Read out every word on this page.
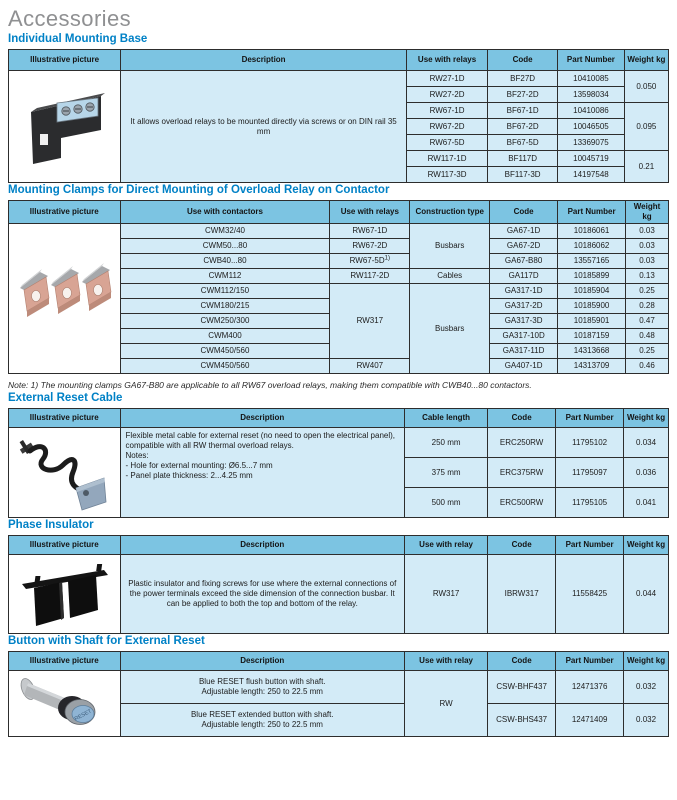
Accessories
Individual Mounting Base
Illustrative picture	Description	Use with relays	Code	Part Number	Weight kg

	It allows overload relays to be mounted directly via screws or on DIN rail 35 mm	RW27-1D	BF27D	10410085	0.050
		RW27-2D	BF27-2D	13598034	
		RW67-1D	BF67-1D	10410086	0.095
		RW67-2D	BF67-2D	10046505	
		RW67-5D	BF67-5D	13369075	
		RW117-1D	BF117D	10045719	0.21
		RW117-3D	BF117-3D	14197548	
Mounting Clamps for Direct Mounting of Overload Relay on Contactor
Illustrative picture	Use with contactors	Use with relays	Construction type	Code	Part Number	Weight kg

	CWM32/40	RW67-1D	Busbars	GA67-1D	10186061	0.03
	CWM50...80	RW67-2D		GA67-2D	10186062	0.03
	CWB40...80	$RW67-5D^{1)}$		GA67-B80	13557165	0.03
	CWM112	RW117-2D	Cables	GA117D	10185899	0.13
	CWM112/150	RW317	Busbars	GA317-1D	10185904	0.25
	CWM180/215			GA317-2D	10185900	0.28
	CWM250/300			GA317-3D	10185901	0.47
	CWM400			GA317-10D	10187159	0.48
	CWM450/560			GA317-11D	14313668	0.25
	CWM450/560	RW407		GA407-1D	14313709	0.46

Note: 1) The mounting clamps GA67-B80 are applicable to all RW67 overload relays, making them compatible with CWB40...80 contactors.

External Reset Cable
Illustrative picture	Description	Cable length	Code	Part Number	Weight kg

Flexible metal cable for external reset (no need to open the electrical panel), compatible with all RW thermal overload relays.
Notes:
- Hole for external mounting: Ø6.5...7 mm
- Panel plate thickness: 2...4.25 mm	250 mm	ERC250RW	11795102	0.034
		375 mm	ERC375RW	11795097	0.036
		500 mm	ERC500RW	11795105	0.041
Phase Insulator
Illustrative picture	Description	Use with relay	Code	Part Number	Weight kg

	Plastic insulator and fixing screws for use where the external connections of the power terminals exceed the side dimension of the connection busbar. It can be applied to both the top and bottom of the relay.	RW317	IBRW317	11558425	0.044
Button with Shaft for External Reset
Illustrative picture	Description	Use with relay	Code	Part Number	Weight kg

RESET	Blue RESET flush button with shaft.
Adjustable length: 250 to 22.5 mm	RW	CSW-BHF437	12471376	0.032

	Blue RESET extended button with shaft.
Adjustable length: 250 to 22.5 mm		CSW-BHS437	12471409	0.032
